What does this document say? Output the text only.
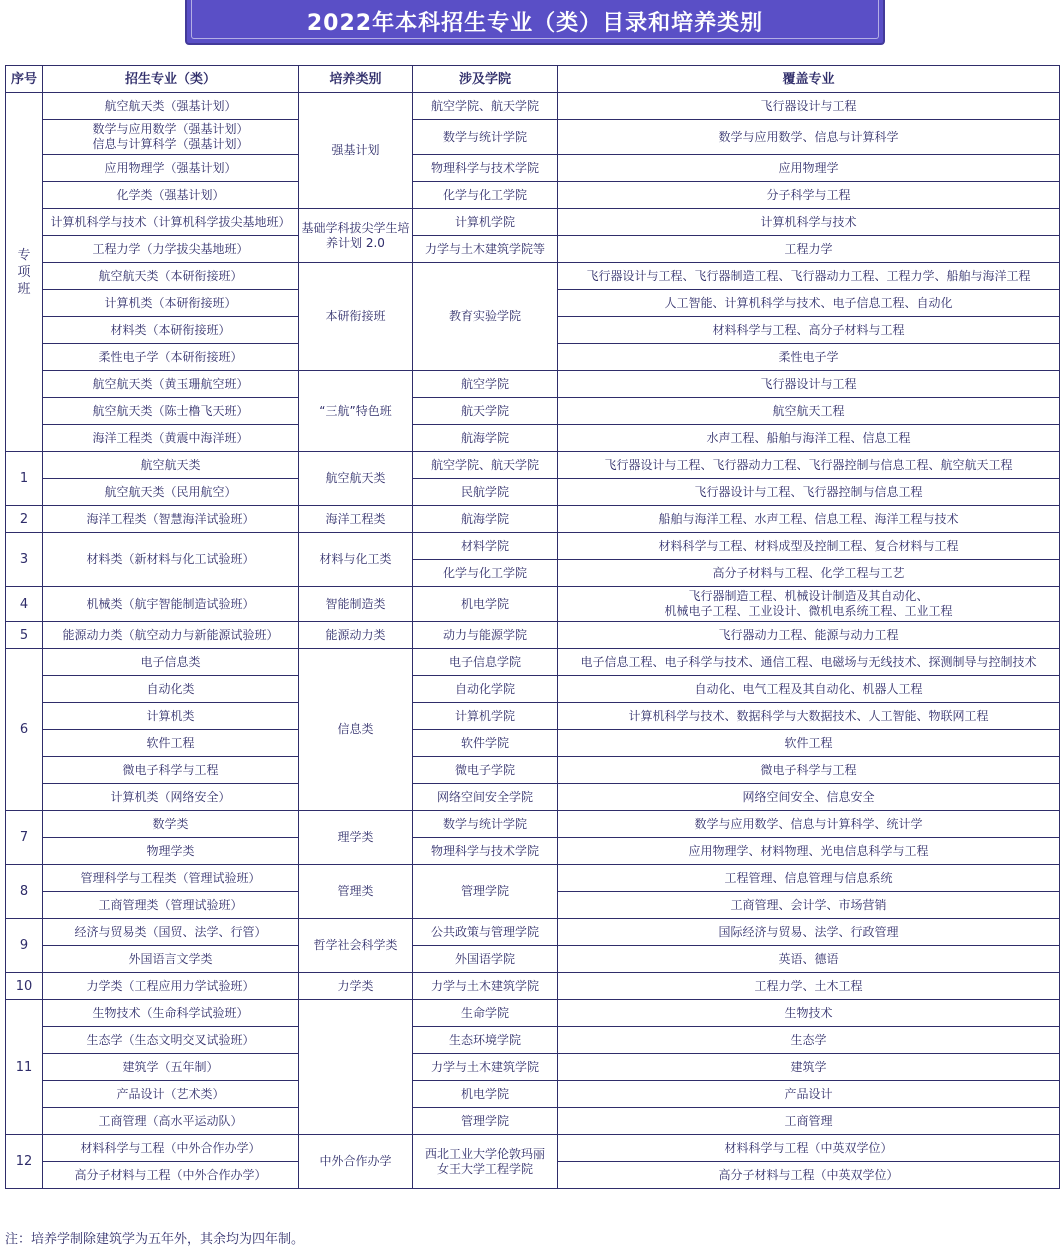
2022年本科招生专业（类）目录和培养类别
序号	招生专业（类）	培养类别	涉及学院	覆盖专业

专项班	航空航天类（强基计划）	强基计划	航空学院、航天学院	飞行器设计与工程

	数学与应用数学（强基计划）
信息与计算科学（强基计划）		数学与统计学院	数学与应用数学、信息与计算科学
	应用物理学（强基计划）		物理科学与技术学院	应用物理学
	化学类（强基计划）		化学与化工学院	分子科学与工程
	计算机科学与技术（计算机科学拔尖基地班）	基础学科拔尖学生培养计划 2.0	计算机学院	计算机科学与技术
	工程力学（力学拔尖基地班）		力学与土木建筑学院等	工程力学
	航空航天类（本研衔接班）	本研衔接班	教育实验学院	飞行器设计与工程、飞行器制造工程、飞行器动力工程、工程力学、船舶与海洋工程
	计算机类（本研衔接班）			人工智能、计算机科学与技术、电子信息工程、自动化
	材料类（本研衔接班）			材料科学与工程、高分子材料与工程
	柔性电子学（本研衔接班）			柔性电子学
	航空航天类（黄玉珊航空班）	“三航”特色班	航空学院	飞行器设计与工程
	航空航天类（陈士橹飞天班）		航天学院	航空航天工程
	海洋工程类（黄震中海洋班）		航海学院	水声工程、船舶与海洋工程、信息工程
1	航空航天类	航空航天类	航空学院、航天学院	飞行器设计与工程、飞行器动力工程、飞行器控制与信息工程、航空航天工程
	航空航天类（民用航空）		民航学院	飞行器设计与工程、飞行器控制与信息工程
2	海洋工程类（智慧海洋试验班）	海洋工程类	航海学院	船舶与海洋工程、水声工程、信息工程、海洋工程与技术
3	材料类（新材料与化工试验班）	材料与化工类	材料学院	材料科学与工程、材料成型及控制工程、复合材料与工程
			化学与化工学院	高分子材料与工程、化学工程与工艺
4	机械类（航宇智能制造试验班）	智能制造类	机电学院	飞行器制造工程、机械设计制造及其自动化、
机械电子工程、工业设计、微机电系统工程、工业工程

5	能源动力类（航空动力与新能源试验班）	能源动力类	动力与能源学院	飞行器动力工程、能源与动力工程
6	电子信息类	信息类	电子信息学院	电子信息工程、电子科学与技术、通信工程、电磁场与无线技术、探测制导与控制技术
	自动化类		自动化学院	自动化、电气工程及其自动化、机器人工程
	计算机类		计算机学院	计算机科学与技术、数据科学与大数据技术、人工智能、物联网工程
	软件工程		软件学院	软件工程
	微电子科学与工程		微电子学院	微电子科学与工程
	计算机类（网络安全）		网络空间安全学院	网络空间安全、信息安全
7	数学类	理学类	数学与统计学院	数学与应用数学、信息与计算科学、统计学
	物理学类		物理科学与技术学院	应用物理学、材料物理、光电信息科学与工程
8	管理科学与工程类（管理试验班）	管理类	管理学院	工程管理、信息管理与信息系统
	工商管理类（管理试验班）			工商管理、会计学、市场营销
9	经济与贸易类（国贸、法学、行管）	哲学社会科学类	公共政策与管理学院	国际经济与贸易、法学、行政管理
	外国语言文学类		外国语学院	英语、德语
10	力学类（工程应用力学试验班）	力学类	力学与土木建筑学院	工程力学、土木工程
11	生物技术（生命科学试验班）		生命学院	生物技术
	生态学（生态文明交叉试验班）		生态环境学院	生态学
	建筑学（五年制）		力学与土木建筑学院	建筑学
	产品设计（艺术类）		机电学院	产品设计
	工商管理（高水平运动队）		管理学院	工商管理
12	材料科学与工程（中外合作办学）	中外合作办学	西北工业大学伦敦玛丽女王大学工程学院	材料科学与工程（中英双学位）
	高分子材料与工程（中外合作办学）			高分子材料与工程（中英双学位）
注：培养学制除建筑学为五年外，其余均为四年制。
